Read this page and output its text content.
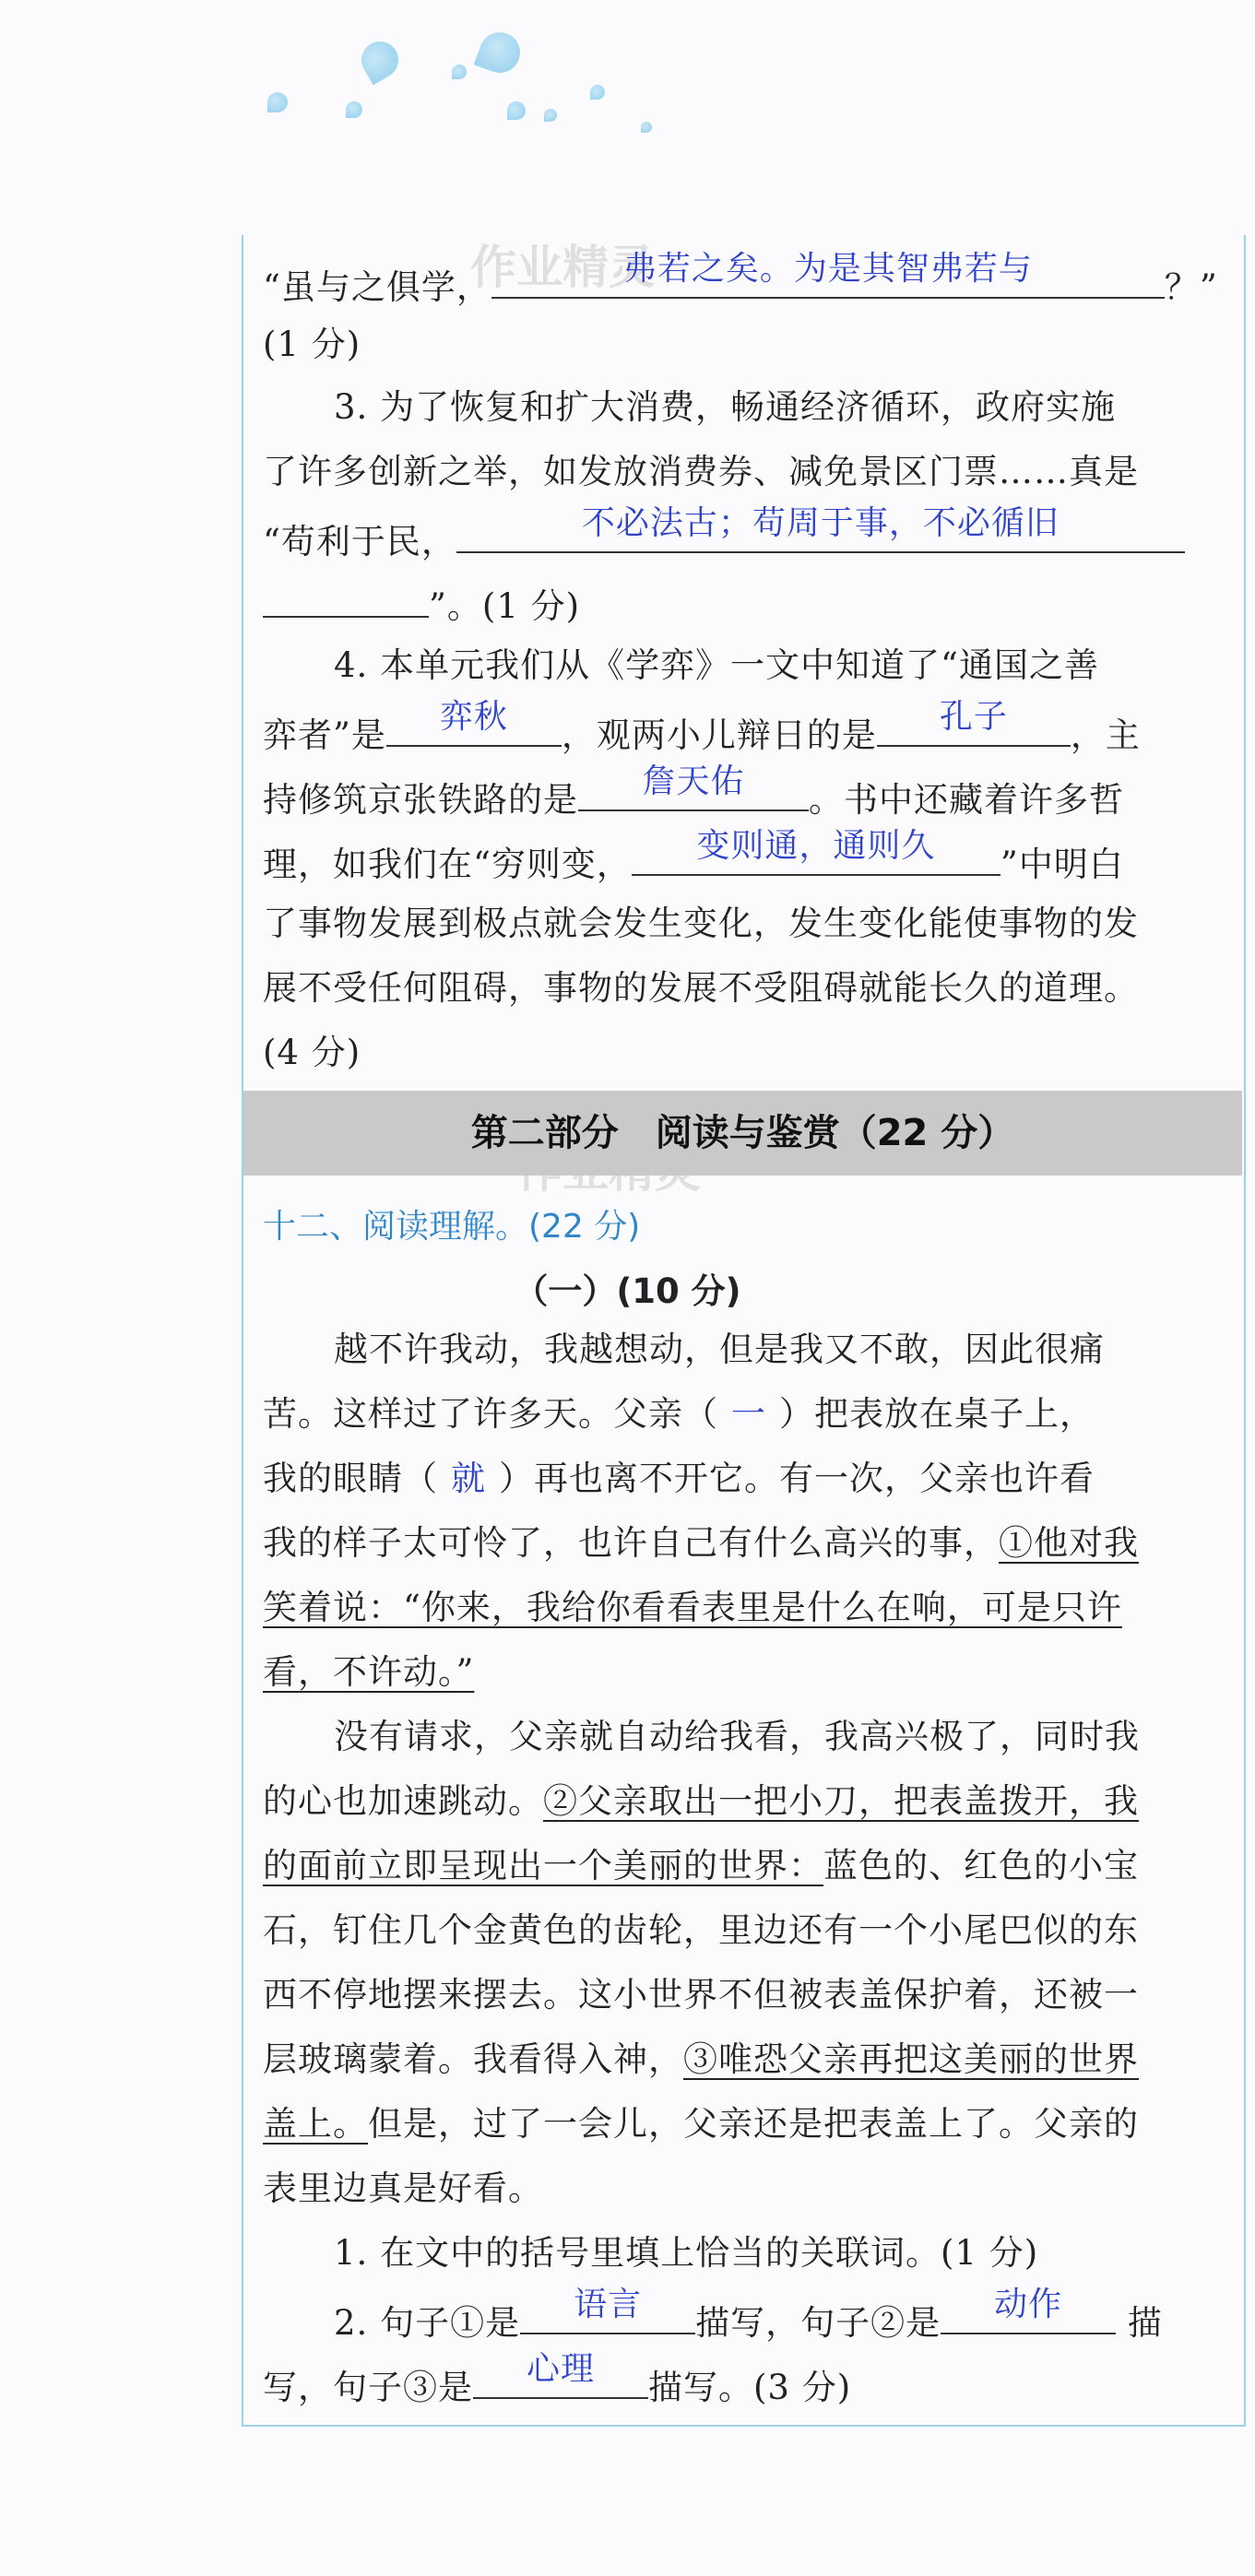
作业精灵
“虽与之俱学，	弗若之矣。为是其智弗若与	？”
(1 分)
3. 为了恢复和扩大消费，畅通经济循环，政府实施
了许多创新之举，如发放消费券、减免景区门票……真是
“苟利于民，	不必法古；苟周于事，不必循旧
”。(1 分)
4. 本单元我们从《学弈》一文中知道了“通国之善
弈者”是	弈秋	，观两小儿辩日的是	孔子	，主
持修筑京张铁路的是	詹天佑	。书中还藏着许多哲
理，如我们在“穷则变，	变则通，通则久	”中明白
了事物发展到极点就会发生变化，发生变化能使事物的发
展不受任何阻碍，事物的发展不受阻碍就能长久的道理。
(4 分)
第二部分　阅读与鉴赏（22 分）
十二、阅读理解。(22 分)
（一）(10 分)
越不许我动，我越想动，但是我又不敢，因此很痛
苦。这样过了许多天。父亲（ 一 ）把表放在桌子上，
我的眼睛（ 就 ）再也离不开它。有一次，父亲也许看
我的样子太可怜了，也许自己有什么高兴的事，①他对我
笑着说：“你来，我给你看看表里是什么在响，可是只许
看，不许动。”
没有请求，父亲就自动给我看，我高兴极了，同时我
的心也加速跳动。②父亲取出一把小刀，把表盖拨开，我
的面前立即呈现出一个美丽的世界：蓝色的、红色的小宝
石，钉住几个金黄色的齿轮，里边还有一个小尾巴似的东
西不停地摆来摆去。这小世界不但被表盖保护着，还被一
层玻璃蒙着。我看得入神，③唯恐父亲再把这美丽的世界
盖上。但是，过了一会儿，父亲还是把表盖上了。父亲的
表里边真是好看。
1. 在文中的括号里填上恰当的关联词。(1 分)
2. 句子①是	语言	描写，句子②是	动作	描
写，句子③是	心理	描写。(3 分)
